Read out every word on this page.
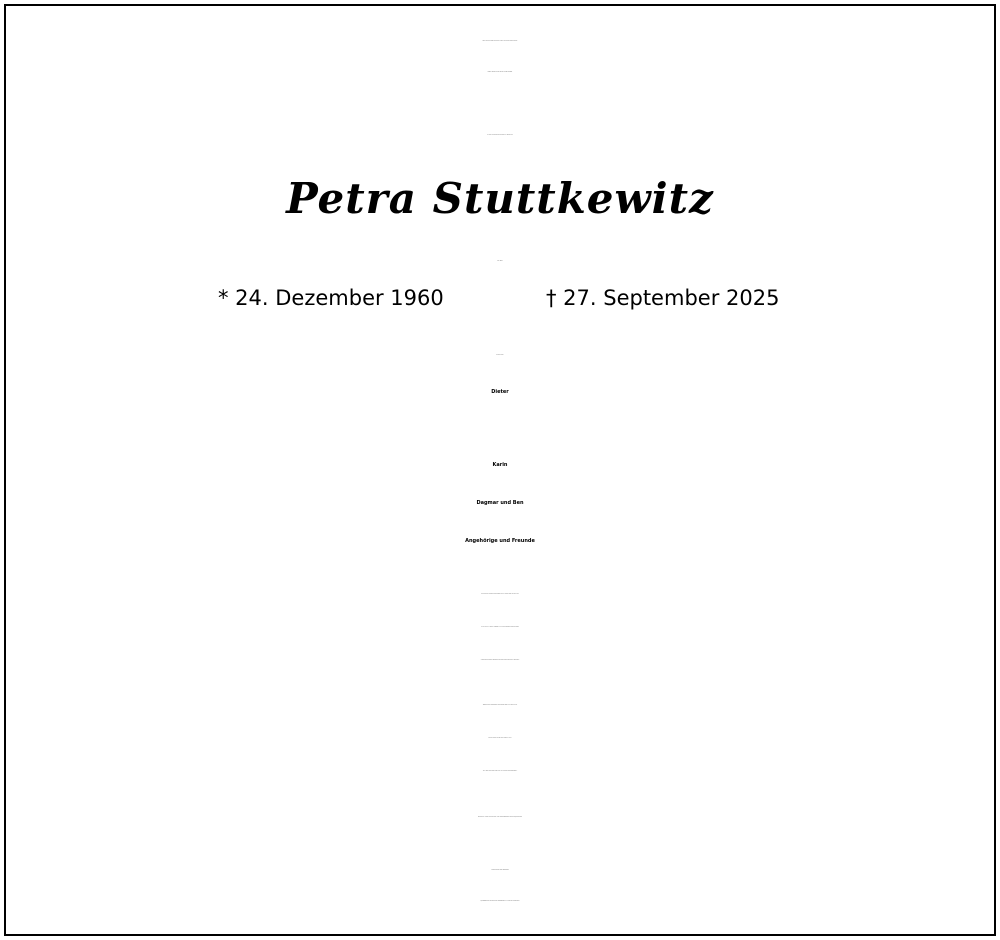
Wenn du traurig bist, dann schau in dein Herz und du wirst erkennen,
dass du weinst um das, was dir Freude bereitete.
In Liebe und Dankbarkeit nehmen wir Abschied von
Petra Stuttkewitz
geb. Zabel
* 24. Dezember 1960	† 27. September 2025
In tiefer Trauer:
Dieter
Karin
Dagmar und Ben
Angehörige und Freunde
Die Trauerfeier findet am Donnerstag, dem 2. Oktober 2025, um 12.00 Uhr
in der Kirche Hl. Familie, Flutstraße 147 in Recklinghausen-Speckhorn statt.
Anschließend erfolgt die Beisetzung auf dem Gemeindefriedhof in Speckhorn.
Statt freundlich zugedachter Trauerfloristik bitte ich in Petra´s Sinne
um eine Spende an das Lukas Hospiz in Herne.
IBAN: DE50 4325 0030 0013 0119 78, „Trauerfall Petra Stuttkewitz“.
Es gibt einen „Raum des Gedenkens“ unter www.bestattungen-schulze.de/gedenkportal
Traueranschrift: Dieter Stuttkewitz
c/o Bestattungen Michael Schulze, Ewaldstraße 148, 45739 Oer-Erkenschwick
